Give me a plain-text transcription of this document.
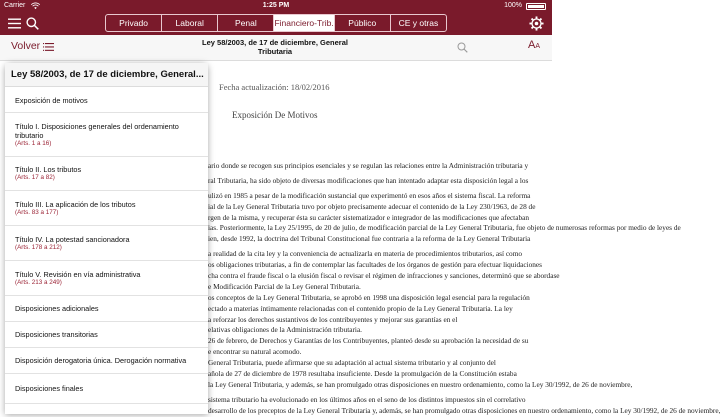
Carrier	1:25 PM	100%
Privado	Laboral	Penal	Financiero-Trib.	Público	CE y otras
Volver	Ley 58/2003, de 17 de diciembre, General
Tributaria
AA
Fecha actualización: 18/02/2016
Exposición De Motivos
ario donde se recogen sus principios esenciales y se regulan las relaciones entre la Administración tributaria y
ral Tributaria, ha sido objeto de diversas modificaciones que han intentado adaptar esta disposición legal a los
ulizó en 1985 a pesar de la modificación sustancial que experimentó en esos años el sistema fiscal. La reforma
ial de la Ley General Tributaria tuvo por objeto precisamente adecuar el contenido de la Ley 230/1963, de 28 de
rgen de la misma, y recuperar ésta su carácter sistematizador e integrador de las modificaciones que afectaban
ias. Posteriormente, la Ley 25/1995, de 20 de julio, de modificación parcial de la Ley General Tributaria, fue objeto de numerosas reformas por medio de leyes de
ien, desde 1992, la doctrina del Tribunal Constitucional fue contraria a la reforma de la Ley General Tributaria
a realidad de la cita ley y la conveniencia de actualizarla en materia de procedimientos tributarios, así como
os obligaciones tributarias, a fin de contemplar las facultades de los órganos de gestión para efectuar liquidaciones
cha contra el fraude fiscal o la elusión fiscal o revisar el régimen de infracciones y sanciones, determinó que se abordase
e Modificación Parcial de la Ley General Tributaria.
os conceptos de la Ley General Tributaria, se aprobó en 1998 una disposición legal esencial para la regulación
ectado a materias íntimamente relacionadas con el contenido propio de la Ley General Tributaria. La ley
a reforzar los derechos sustantivos de los contribuyentes y mejorar sus garantías en el
elativas obligaciones de la Administración tributaria.
26 de febrero, de Derechos y Garantías de los Contribuyentes, planteó desde su aprobación la necesidad de su
e encontrar su natural acomodo.
General Tributaria, puede afirmarse que su adaptación al actual sistema tributario y al conjunto del
añola de 27 de diciembre de 1978 resultaba insuficiente. Desde la promulgación de la Constitución estaba
la Ley General Tributaria, y además, se han promulgado otras disposiciones en nuestro ordenamiento, como la Ley 30/1992, de 26 de noviembre,
sistema tributario ha evolucionado en los últimos años en el seno de los distintos impuestos sin el correlativo
desarrollo de los preceptos de la Ley General Tributaria y, además, se han promulgado otras disposiciones en nuestro ordenamiento, como la Ley 30/1992, de 26 de noviembre,
Ley 58/2003, de 17 de diciembre, General...
Exposición de motivos
Título I. Disposiciones generales del ordenamiento tributario
(Arts. 1 a 16)
Título II. Los tributos
(Arts. 17 a 82)
Título III. La aplicación de los tributos
(Arts. 83 a 177)
Título IV. La potestad sancionadora
(Arts. 178 a 212)
Título V. Revisión en vía administrativa
(Arts. 213 a 249)
Disposiciones adicionales
Disposiciones transitorias
Disposición derogatoria única. Derogación normativa
Disposiciones finales
